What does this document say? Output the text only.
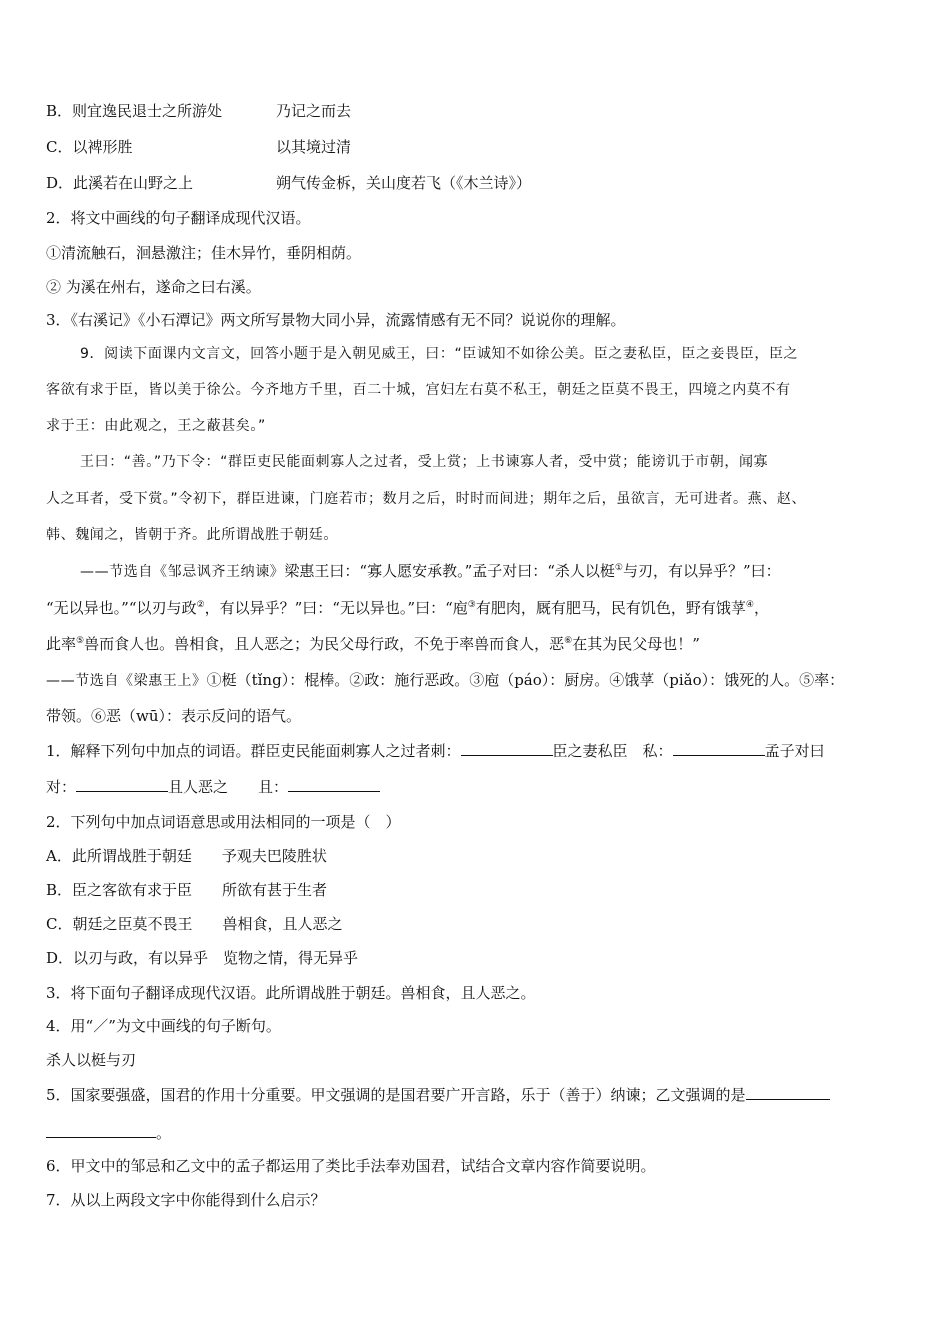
B．则宜逸民退士之所游处	乃记之而去
C．以裨形胜	以其境过清
D．此溪若在山野之上	朔气传金柝，关山度若飞（《木兰诗》）
2．将文中画线的句子翻译成现代汉语。
①清流触石，洄悬激注；佳木异竹，垂阴相荫。
② 为溪在州右，遂命之曰右溪。
3．《右溪记》《小石潭记》两文所写景物大同小异，流露情感有无不同？说说你的理解。
9．阅读下面课内文言文，回答小题于是入朝见威王，曰：“臣诚知不如徐公美。臣之妻私臣，臣之妾畏臣，臣之
客欲有求于臣，皆以美于徐公。今齐地方千里，百二十城，宫妇左右莫不私王，朝廷之臣莫不畏王，四境之内莫不有
求于王：由此观之，王之蔽甚矣。”
王曰：“善。”乃下令：“群臣吏民能面刺寡人之过者，受上赏；上书谏寡人者，受中赏；能谤讥于市朝，闻寡
人之耳者，受下赏。”令初下，群臣进谏，门庭若市；数月之后，时时而间进；期年之后，虽欲言，无可进者。燕、赵、
韩、魏闻之，皆朝于齐。此所谓战胜于朝廷。
——节选自《邹忌讽齐王纳谏》梁惠王曰：“寡人愿安承教。”孟子对曰：“杀人以梃①与刃，有以异乎？”曰：
“无以异也。”“以刃与政②，有以异乎？”曰：“无以异也。”曰：“庖③有肥肉，厩有肥马，民有饥色，野有饿莩④，
此率⑤兽而食人也。兽相食，且人恶之；为民父母行政，不免于率兽而食人，恶⑥在其为民父母也！”
——节选自《梁惠王上》①梃（tǐng）：棍棒。②政：施行恶政。③庖（páo）：厨房。④饿莩（piǎo）：饿死的人。⑤率：
带领。⑥恶（wū）：表示反问的语气。
1．解释下列句中加点的词语。群臣吏民能面刺寡人之过者刺：	臣之妻私臣　私：	孟子对曰
对：	且人恶之　　且：
2．下列句中加点词语意思或用法相同的一项是（　）
A．此所谓战胜于朝廷　　予观夫巴陵胜状
B．臣之客欲有求于臣　　所欲有甚于生者
C．朝廷之臣莫不畏王　　兽相食，且人恶之
D．以刃与政，有以异乎　览物之情，得无异乎
3．将下面句子翻译成现代汉语。此所谓战胜于朝廷。兽相食，且人恶之。
4．用“／”为文中画线的句子断句。
杀人以梃与刃
5．国家要强盛，国君的作用十分重要。甲文强调的是国君要广开言路，乐于（善于）纳谏；乙文强调的是
。
6．甲文中的邹忌和乙文中的孟子都运用了类比手法奉劝国君，试结合文章内容作简要说明。
7．从以上两段文字中你能得到什么启示？
